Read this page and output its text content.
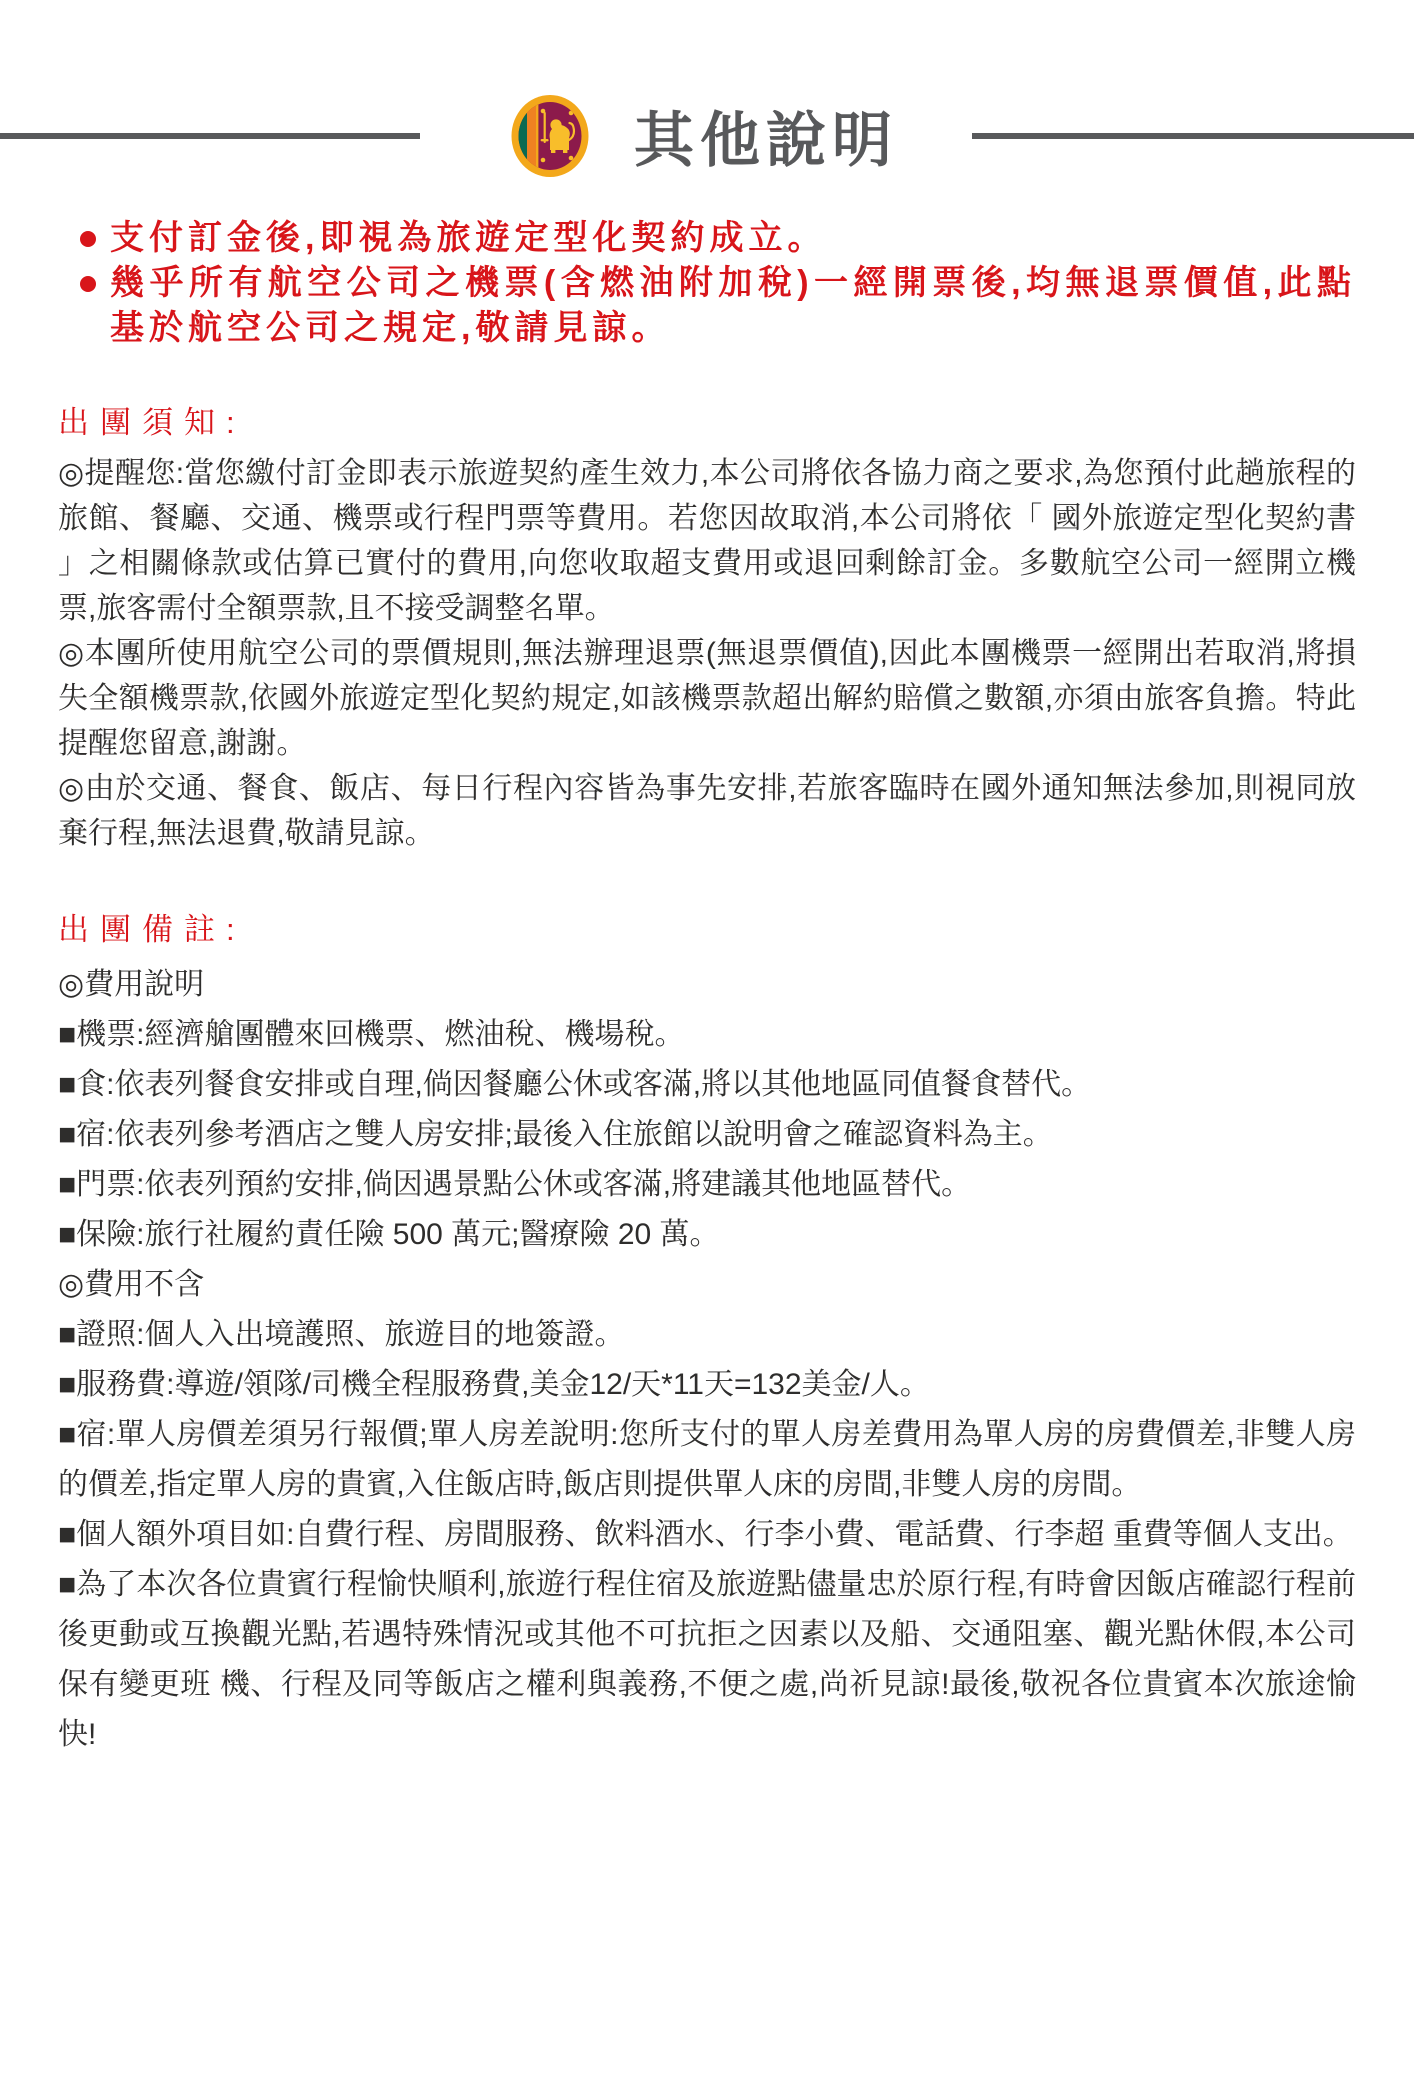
其他說明
支付訂金後,即視為旅遊定型化契約成立。
幾乎所有航空公司之機票(含燃油附加稅)一經開票後,均無退票價值,此點基於航空公司之規定,敬請見諒。
出團須知:

◎提醒您:當您繳付訂金即表示旅遊契約產生效力,本公司將依各協力商之要求,為您預付此趟旅程的旅館、餐廳、交通、機票或行程門票等費用。若您因故取消,本公司將依「 國外旅遊定型化契約書 」之相關條款或估算已實付的費用,向您收取超支費用或退回剩餘訂金。多數航空公司一經開立機票,旅客需付全額票款,且不接受調整名單。

◎本團所使用航空公司的票價規則,無法辦理退票(無退票價值),因此本團機票一經開出若取消,將損失全額機票款,依國外旅遊定型化契約規定,如該機票款超出解約賠償之數額,亦須由旅客負擔。特此提醒您留意,謝謝。

◎由於交通、餐食、飯店、每日行程內容皆為事先安排,若旅客臨時在國外通知無法參加,則視同放棄行程,無法退費,敬請見諒。

出團備註:

◎費用說明

■機票:經濟艙團體來回機票、燃油稅、機場稅。

■食:依表列餐食安排或自理,倘因餐廳公休或客滿,將以其他地區同值餐食替代。

■宿:依表列參考酒店之雙人房安排;最後入住旅館以說明會之確認資料為主。

■門票:依表列預約安排,倘因遇景點公休或客滿,將建議其他地區替代。

■保險:旅行社履約責任險 500 萬元;醫療險 20 萬。

◎費用不含

■證照:個人入出境護照、旅遊目的地簽證。

■服務費:導遊/領隊/司機全程服務費,美金12/天*11天=132美金/人。

■宿:單人房價差須另行報價;單人房差說明:您所支付的單人房差費用為單人房的房費價差,非雙人房的價差,指定單人房的貴賓,入住飯店時,飯店則提供單人床的房間,非雙人房的房間。

■個人額外項目如:自費行程、房間服務、飲料酒水、行李小費、電話費、行李超 重費等個人支出。

■為了本次各位貴賓行程愉快順利,旅遊行程住宿及旅遊點儘量忠於原行程,有時會因飯店確認行程前 後更動或互換觀光點,若遇特殊情況或其他不可抗拒之因素以及船、交通阻塞、觀光點休假,本公司保有變更班 機、行程及同等飯店之權利與義務,不便之處,尚祈見諒!最後,敬祝各位貴賓本次旅途愉快!
